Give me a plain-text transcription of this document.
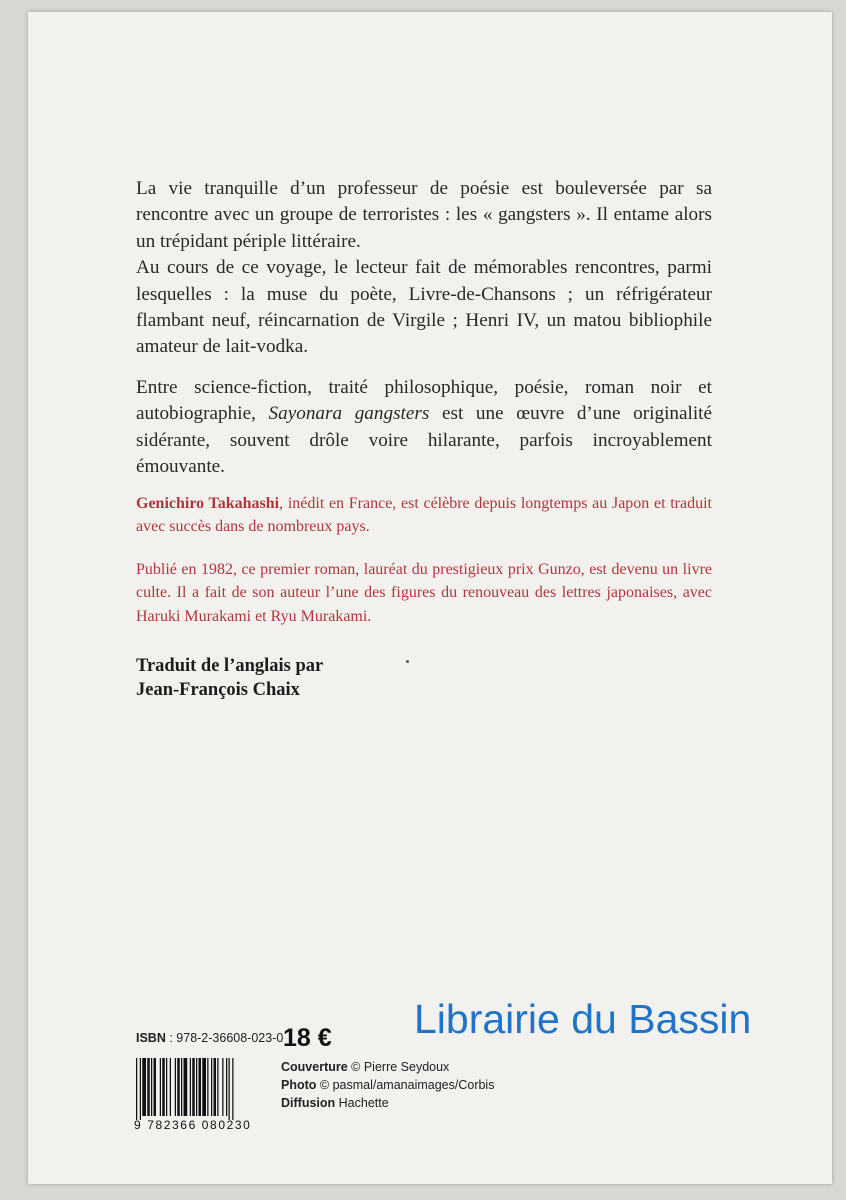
La vie tranquille d’un professeur de poésie est bouleversée par sa rencontre avec un groupe de terroristes : les « gangsters ». Il entame alors un trépidant périple littéraire.

Au cours de ce voyage, le lecteur fait de mémorables rencontres, parmi lesquelles : la muse du poète, Livre-de-Chansons ; un réfrigérateur flambant neuf, réincarnation de Virgile ; Henri IV, un matou bibliophile amateur de lait-vodka.

Entre science-fiction, traité philosophique, poésie, roman noir et autobiographie, Sayonara gangsters est une œuvre d’une originalité sidérante, souvent drôle voire hilarante, parfois incroyablement émouvante.

Genichiro Takahashi, inédit en France, est célèbre depuis longtemps au Japon et traduit avec succès dans de nombreux pays.

Publié en 1982, ce premier roman, lauréat du prestigieux prix Gunzo, est devenu un livre culte. Il a fait de son auteur l’une des figures du renouveau des lettres japonaises, avec Haruki Murakami et Ryu Murakami.

Traduit de l’anglais par

Jean-François Chaix

ISBN : 978-2-36608-023-0 18 €
9 782366 080230
Couverture © Pierre Seydoux
Photo © pasmal/amanaimages/Corbis
Diffusion Hachette
Librairie du Bassin
